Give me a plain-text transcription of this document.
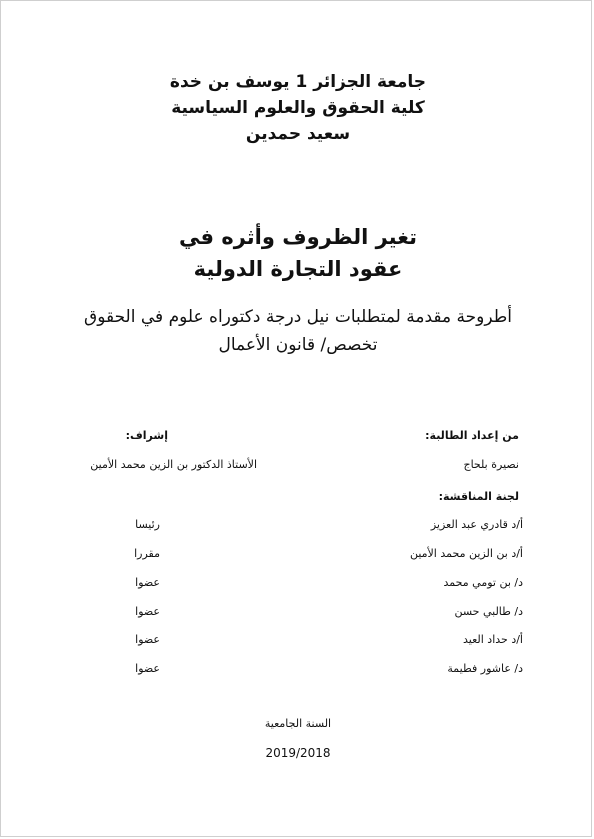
جامعة الجزائر 1 يوسف بن خدة
كلية الحقوق والعلوم السياسية
سعيد حمدين
تغير الظروف وأثره في
عقود التجارة الدولية
أطروحة مقدمة لمتطلبات نيل درجة دكتوراه علوم في الحقوق
تخصص/ قانون الأعمال
من إعداد الطالبة:
إشراف:
نصيرة بلحاج
الأستاذ الدكتور بن الزين محمد الأمين
لجنة المناقشة:
أ/د قادري عبد العزيز
رئيسا
أ/د بن الزين محمد الأمين
مقررا
د/ بن تومي محمد
عضوا
د/ طالبي حسن
عضوا
أ/د حداد العيد
عضوا
د/ عاشور فطيمة
عضوا
السنة الجامعية
2019/2018
